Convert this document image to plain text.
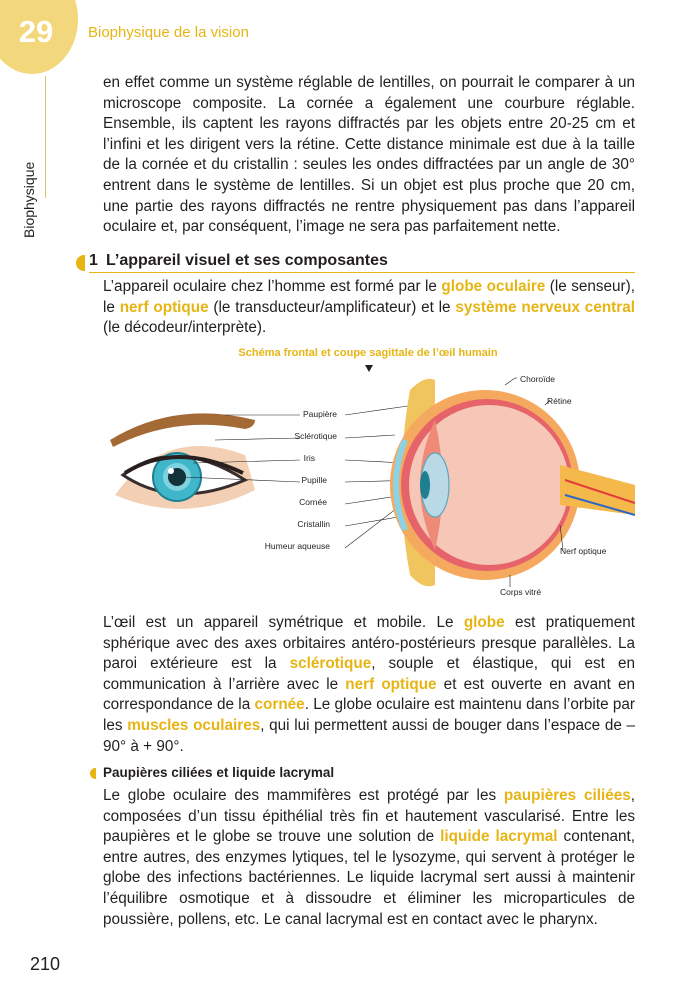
29	Biophysique de la vision
Biophysique

en effet comme un système réglable de lentilles, on pourrait le comparer à un microscope composite. La cornée a également une courbure réglable. Ensemble, ils captent les rayons diffractés par les objets entre 20-25 cm et l’infini et les dirigent vers la rétine. Cette distance minimale est due à la taille de la cornée et du cristallin : seules les ondes diffractées par un angle de 30° entrent dans le système de lentilles. Si un objet est plus proche que 20 cm, une partie des rayons diffractés ne rentre physiquement pas dans l’appareil oculaire et, par conséquent, l’image ne sera pas parfaitement nette.

1 L’appareil visuel et ses composantes

L’appareil oculaire chez l’homme est formé par le globe oculaire (le senseur), le nerf optique (le transducteur/amplificateur) et le système nerveux central (le décodeur/interprète).

Schéma frontal et coupe sagittale de l’œil humain
Paupière
Sclérotique
Iris
Pupille
Cornée
Cristallin
Humeur aqueuse
Choroïde
Rétine
Nerf optique
Corps vitré

L’œil est un appareil symétrique et mobile. Le globe est pratiquement sphérique avec des axes orbitaires antéro-postérieurs presque parallèles. La paroi extérieure est la sclérotique, souple et élastique, qui est en communication à l’arrière avec le nerf optique et est ouverte en avant en correspondance de la cornée. Le globe oculaire est maintenu dans l’orbite par les muscles oculaires, qui lui permettent aussi de bouger dans l’espace de – 90° à + 90°.

Paupières ciliées et liquide lacrymal

Le globe oculaire des mammifères est protégé par les paupières ciliées, composées d’un tissu épithélial très fin et hautement vascularisé. Entre les paupières et le globe se trouve une solution de liquide lacrymal contenant, entre autres, des enzymes lytiques, tel le lysozyme, qui servent à protéger le globe des infections bactériennes. Le liquide lacrymal sert aussi à maintenir l’équilibre osmotique et à dissoudre et éliminer les microparticules de poussière, pollens, etc. Le canal lacrymal est en contact avec le pharynx.

210
